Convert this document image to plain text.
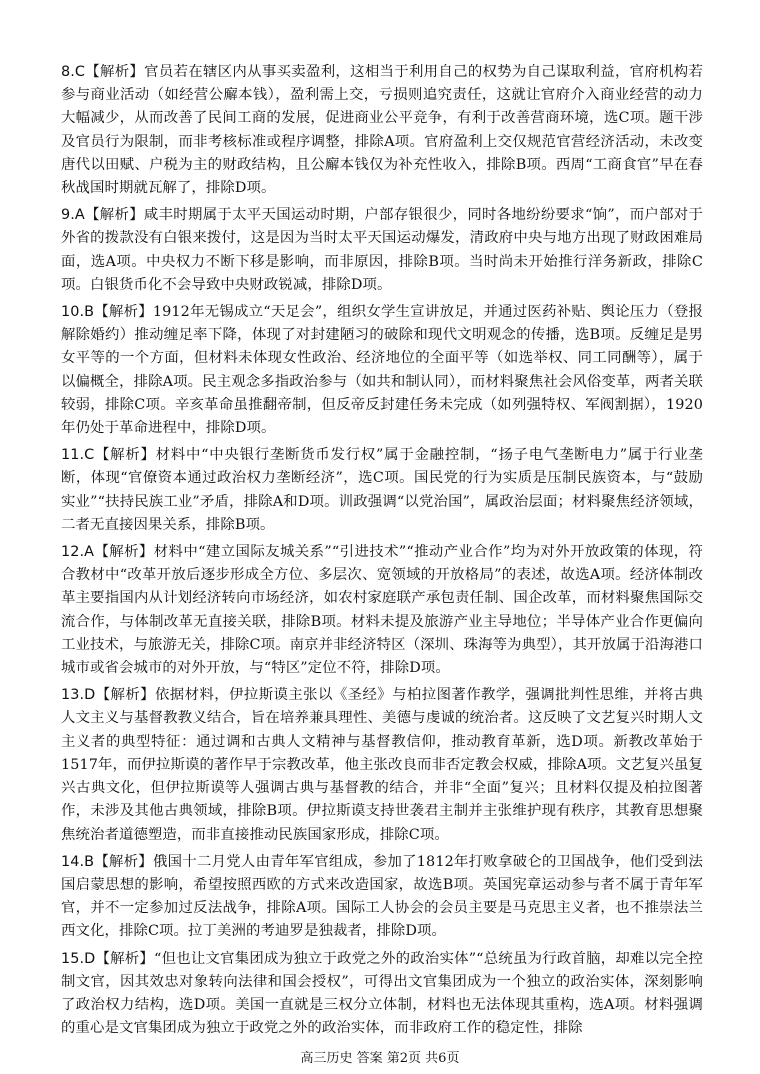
8.C【解析】官员若在辖区内从事买卖盈利，这相当于利用自己的权势为自己谋取利益，官府机构若参与商业活动（如经营公廨本钱），盈利需上交，亏损则追究责任，这就让官府介入商业经营的动力大幅减少，从而改善了民间工商的发展，促进商业公平竞争，有利于改善营商环境，选C项。题干涉及官员行为限制，而非考核标准或程序调整，排除A项。官府盈利上交仅规范官营经济活动，未改变唐代以田赋、户税为主的财政结构，且公廨本钱仅为补充性收入，排除B项。西周“工商食官”早在春秋战国时期就瓦解了，排除D项。

9.A【解析】咸丰时期属于太平天国运动时期，户部存银很少，同时各地纷纷要求“饷”，而户部对于外省的拨款没有白银来拨付，这是因为当时太平天国运动爆发，清政府中央与地方出现了财政困难局面，选A项。中央权力不断下移是影响，而非原因，排除B项。当时尚未开始推行洋务新政，排除C项。白银货币化不会导致中央财政锐减，排除D项。

10.B【解析】1912年无锡成立“天足会”，组织女学生宣讲放足，并通过医药补贴、舆论压力（登报解除婚约）推动缠足率下降，体现了对封建陋习的破除和现代文明观念的传播，选B项。反缠足是男女平等的一个方面，但材料未体现女性政治、经济地位的全面平等（如选举权、同工同酬等），属于以偏概全，排除A项。民主观念多指政治参与（如共和制认同），而材料聚焦社会风俗变革，两者关联较弱，排除C项。辛亥革命虽推翻帝制，但反帝反封建任务未完成（如列强特权、军阀割据），1920年仍处于革命进程中，排除D项。

11.C【解析】材料中“中央银行垄断货币发行权”属于金融控制，“扬子电气垄断电力”属于行业垄断，体现“官僚资本通过政治权力垄断经济”，选C项。国民党的行为实质是压制民族资本，与“鼓励实业”“扶持民族工业”矛盾，排除A和D项。训政强调“以党治国”，属政治层面；材料聚焦经济领域，二者无直接因果关系，排除B项。

12.A【解析】材料中“建立国际友城关系”“引进技术”“推动产业合作”均为对外开放政策的体现，符合教材中“改革开放后逐步形成全方位、多层次、宽领域的开放格局”的表述，故选A项。经济体制改革主要指国内从计划经济转向市场经济，如农村家庭联产承包责任制、国企改革，而材料聚焦国际交流合作，与体制改革无直接关联，排除B项。材料未提及旅游产业主导地位；半导体产业合作更偏向工业技术，与旅游无关，排除C项。南京并非经济特区（深圳、珠海等为典型），其开放属于沿海港口城市或省会城市的对外开放，与“特区”定位不符，排除D项。

13.D【解析】依据材料，伊拉斯谟主张以《圣经》与柏拉图著作教学，强调批判性思维，并将古典人文主义与基督教教义结合，旨在培养兼具理性、美德与虔诚的统治者。这反映了文艺复兴时期人文主义者的典型特征：通过调和古典人文精神与基督教信仰，推动教育革新，选D项。新教改革始于1517年，而伊拉斯谟的著作早于宗教改革，他主张改良而非否定教会权威，排除A项。文艺复兴虽复兴古典文化，但伊拉斯谟等人强调古典与基督教的结合，并非“全面”复兴；且材料仅提及柏拉图著作，未涉及其他古典领域，排除B项。伊拉斯谟支持世袭君主制并主张维护现有秩序，其教育思想聚焦统治者道德塑造，而非直接推动民族国家形成，排除C项。

14.B【解析】俄国十二月党人由青年军官组成，参加了1812年打败拿破仑的卫国战争，他们受到法国启蒙思想的影响，希望按照西欧的方式来改造国家，故选B项。英国宪章运动参与者不属于青年军官，并不一定参加过反法战争，排除A项。国际工人协会的会员主要是马克思主义者，也不推崇法兰西文化，排除C项。拉丁美洲的考迪罗是独裁者，排除D项。

15.D【解析】“但也让文官集团成为独立于政党之外的政治实体”“总统虽为行政首脑，却难以完全控制文官，因其效忠对象转向法律和国会授权”，可得出文官集团成为一个独立的政治实体，深刻影响了政治权力结构，选D项。美国一直就是三权分立体制，材料也无法体现其重构，选A项。材料强调的重心是文官集团成为独立于政党之外的政治实体，而非政府工作的稳定性，排除

高三历史 答案 第2页 共6页
